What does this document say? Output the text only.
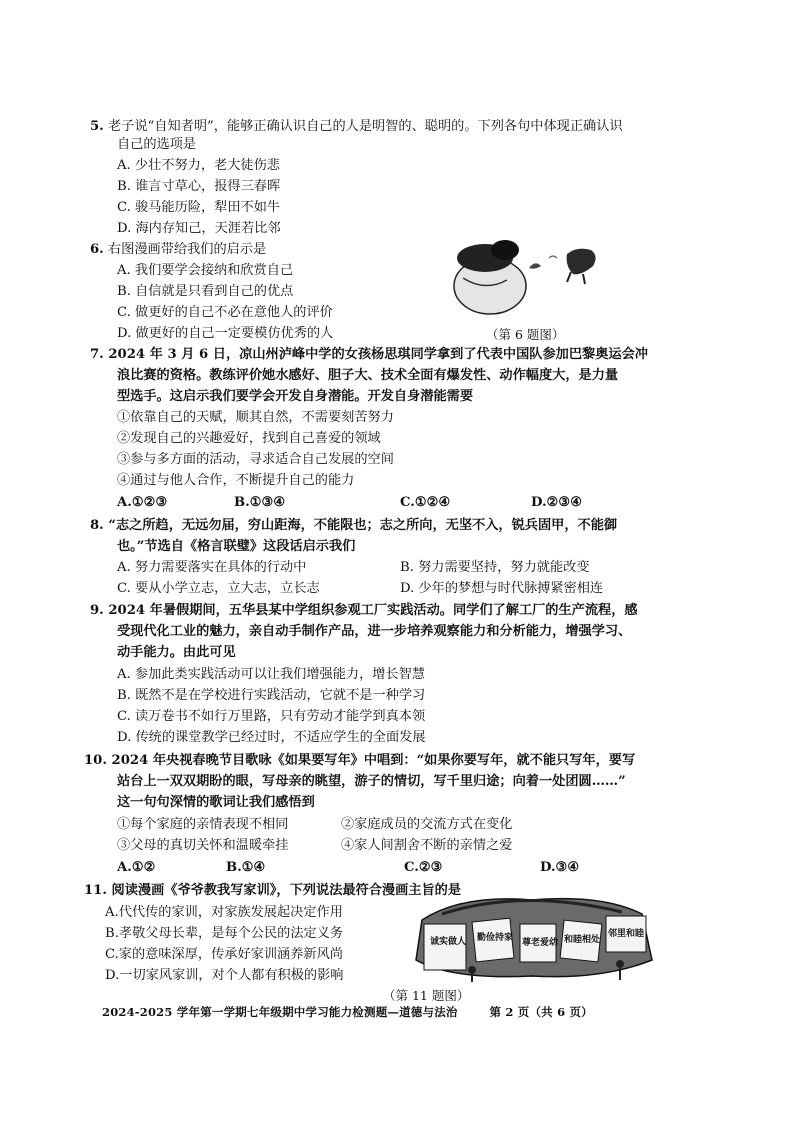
5. 老子说“自知者明”，能够正确认识自己的人是明智的、聪明的。下列各句中体现正确认识
自己的选项是
A. 少壮不努力，老大徒伤悲
B. 谁言寸草心，报得三春晖
C. 骏马能历险，犁田不如牛
D. 海内存知己，天涯若比邻
6. 右图漫画带给我们的启示是
A. 我们要学会接纳和欣赏自己
B. 自信就是只看到自己的优点
C. 做更好的自己不必在意他人的评价
D. 做更好的自己一定要模仿优秀的人	（第 6 题图）
7. 2024 年 3 月 6 日，凉山州泸峰中学的女孩杨思琪同学拿到了代表中国队参加巴黎奥运会冲
浪比赛的资格。教练评价她水感好、胆子大、技术全面有爆发性、动作幅度大，是力量
型选手。这启示我们要学会开发自身潜能。开发自身潜能需要
①依靠自己的天赋，顺其自然，不需要刻苦努力
②发现自己的兴趣爱好，找到自己喜爱的领域
③参与多方面的活动，寻求适合自己发展的空间
④通过与他人合作，不断提升自己的能力
A.①②③	B.①③④	C.①②④	D.②③④
8. “志之所趋，无远勿届，穷山距海，不能限也；志之所向，无坚不入，锐兵固甲，不能御
也。”节选自《格言联璧》这段话启示我们
A. 努力需要落实在具体的行动中	B. 努力需要坚持，努力就能改变
C. 要从小学立志，立大志，立长志	D. 少年的梦想与时代脉搏紧密相连
9. 2024 年暑假期间，五华县某中学组织参观工厂实践活动。同学们了解工厂的生产流程，感
受现代化工业的魅力，亲自动手制作产品，进一步培养观察能力和分析能力，增强学习、
动手能力。由此可见
A. 参加此类实践活动可以让我们增强能力，增长智慧
B. 既然不是在学校进行实践活动，它就不是一种学习
C. 读万卷书不如行万里路，只有劳动才能学到真本领
D. 传统的课堂教学已经过时，不适应学生的全面发展
10. 2024 年央视春晚节目歌咏《如果要写年》中唱到：“如果你要写年，就不能只写年，要写
站台上一双双期盼的眼，写母亲的眺望，游子的情切，写千里归途；向着一处团圆……”
这一句句深情的歌词让我们感悟到
①每个家庭的亲情表现不相同	②家庭成员的交流方式在变化
③父母的真切关怀和温暖牵挂	④家人间割舍不断的亲情之爱
A.①②	B.①④	C.②③	D.③④
11. 阅读漫画《爷爷教我写家训》，下列说法最符合漫画主旨的是
A.代代传的家训，对家族发展起决定作用
B.孝敬父母长辈，是每个公民的法定义务
C.家的意味深厚，传承好家训涵养新风尚
D.一切家风家训，对个人都有积极的影响
诚实做人 勤俭持家 尊老爱幼 和睦相处
邻里和睦
（第 11 题图）
2024-2025 学年第一学期七年级期中学习能力检测题—道德与法治	第 2 页（共 6 页）
